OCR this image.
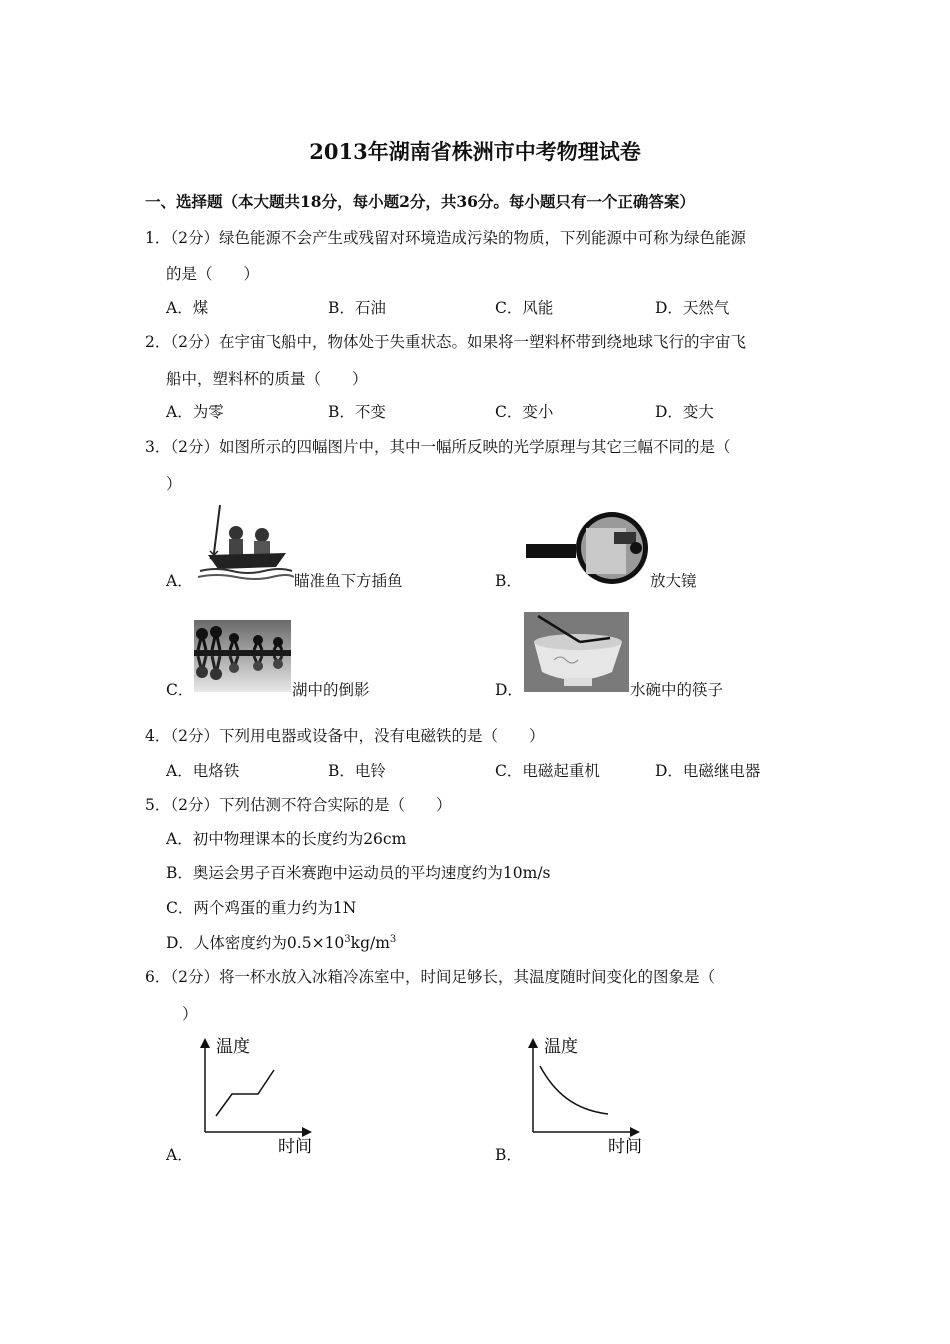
2013年湖南省株洲市中考物理试卷
一、选择题（本大题共18分，每小题2分，共36分。每小题只有一个正确答案）
1．（2分）绿色能源不会产生或残留对环境造成污染的物质，下列能源中可称为绿色能源
的是（　　）
A．煤	B．石油	C．风能	D．天然气
2．（2分）在宇宙飞船中，物体处于失重状态。如果将一塑料杯带到绕地球飞行的宇宙飞
船中，塑料杯的质量（　　）
A．为零	B．不变	C．变小	D．变大
3．（2分）如图所示的四幅图片中，其中一幅所反映的光学原理与其它三幅不同的是（
）
A．	瞄准鱼下方插鱼	B．	放大镜
C．	湖中的倒影	D．	水碗中的筷子
4．（2分）下列用电器或设备中，没有电磁铁的是（　　）
A．电烙铁	B．电铃	C．电磁起重机	D．电磁继电器
5．（2分）下列估测不符合实际的是（　　）
A．初中物理课本的长度约为26cm
B．奥运会男子百米赛跑中运动员的平均速度约为10m/s
C．两个鸡蛋的重力约为1N
D．人体密度约为$0.5\times 10^3kg/m^3$
6．（2分）将一杯水放入冰箱冷冻室中，时间足够长，其温度随时间变化的图象是（
）
A．
温度
时间	B．
温度
时间
